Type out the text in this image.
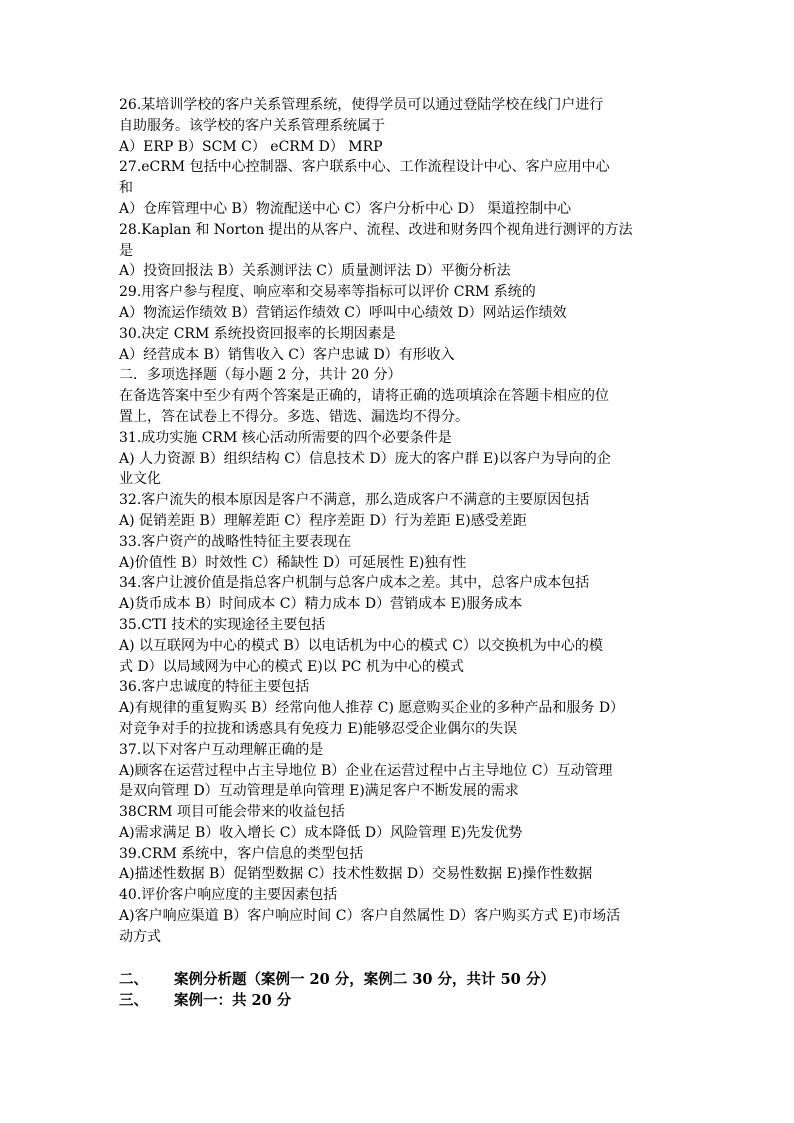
26.某培训学校的客户关系管理系统，使得学员可以通过登陆学校在线门户进行
自助服务。该学校的客户关系管理系统属于
A）ERP B）SCM C） eCRM D） MRP
27.eCRM 包括中心控制器、客户联系中心、工作流程设计中心、客户应用中心
和
A）仓库管理中心 B）物流配送中心 C）客户分析中心 D） 渠道控制中心
28.Kaplan 和 Norton 提出的从客户、流程、改进和财务四个视角进行测评的方法
是
A）投资回报法 B）关系测评法 C）质量测评法 D）平衡分析法
29.用客户参与程度、响应率和交易率等指标可以评价 CRM 系统的
A）物流运作绩效 B）营销运作绩效 C）呼叫中心绩效 D）网站运作绩效
30.决定 CRM 系统投资回报率的长期因素是
A）经营成本 B）销售收入 C）客户忠诚 D）有形收入
二．多项选择题（每小题 2 分，共计 20 分）
在备选答案中至少有两个答案是正确的，请将正确的选项填涂在答题卡相应的位
置上，答在试卷上不得分。多选、错选、漏选均不得分。
31.成功实施 CRM 核心活动所需要的四个必要条件是
A) 人力资源 B）组织结构 C）信息技术 D）庞大的客户群 E)以客户为导向的企
业文化
32.客户流失的根本原因是客户不满意，那么造成客户不满意的主要原因包括
A) 促销差距 B）理解差距 C）程序差距 D）行为差距 E)感受差距
33.客户资产的战略性特征主要表现在
A)价值性 B）时效性 C）稀缺性 D）可延展性 E)独有性
34.客户让渡价值是指总客户机制与总客户成本之差。其中，总客户成本包括
A)货币成本 B）时间成本 C）精力成本 D）营销成本 E)服务成本
35.CTI 技术的实现途径主要包括
A) 以互联网为中心的模式 B）以电话机为中心的模式 C）以交换机为中心的模
式 D）以局域网为中心的模式 E)以 PC 机为中心的模式
36.客户忠诚度的特征主要包括
A)有规律的重复购买 B）经常向他人推荐 C) 愿意购买企业的多种产品和服务 D）
对竞争对手的拉拢和诱惑具有免疫力 E)能够忍受企业偶尔的失误
37.以下对客户互动理解正确的是
A)顾客在运营过程中占主导地位 B）企业在运营过程中占主导地位 C）互动管理
是双向管理 D）互动管理是单向管理 E)满足客户不断发展的需求
38CRM 项目可能会带来的收益包括
A)需求满足 B）收入增长 C）成本降低 D）风险管理 E)先发优势
39.CRM 系统中，客户信息的类型包括
A)描述性数据 B）促销型数据 C）技术性数据 D）交易性数据 E)操作性数据
40.评价客户响应度的主要因素包括
A)客户响应渠道 B）客户响应时间 C）客户自然属性 D）客户购买方式 E)市场活
动方式
二、 案例分析题（案例一 20 分，案例二 30 分，共计 50 分）
三、 案例一：共 20 分
